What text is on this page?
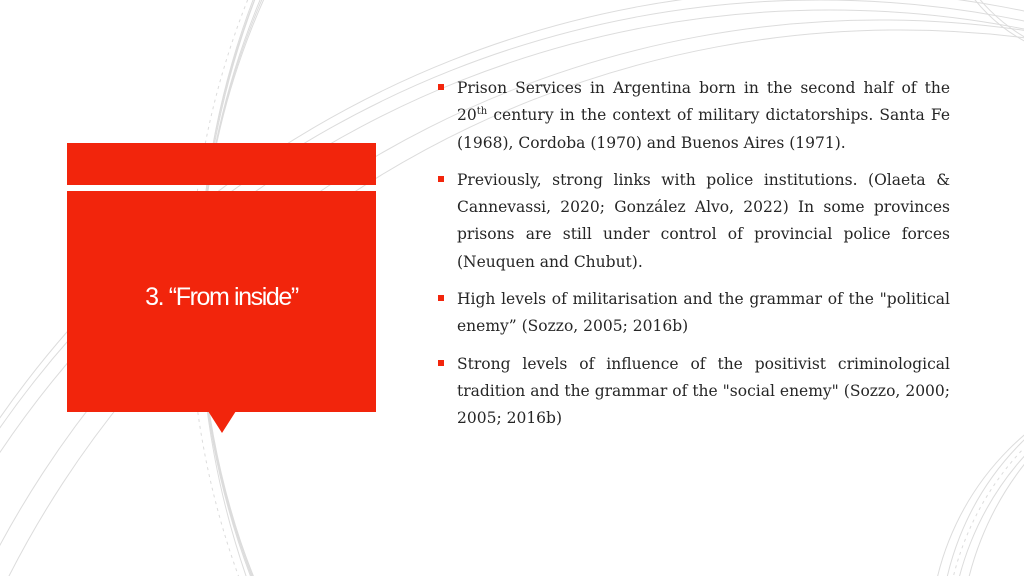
3. “From inside”
Prison Services in Argentina born in the second half of the 20th century in the context of military dictatorships. Santa Fe (1968), Cordoba (1970) and Buenos Aires (1971).
Previously, strong links with police institutions. (Olaeta & Cannevassi, 2020; González Alvo, 2022) In some provinces prisons are still under control of provincial police forces (Neuquen and Chubut).
High levels of militarisation and the grammar of the "political enemy” (Sozzo, 2005; 2016b)
Strong levels of influence of the positivist criminological tradition and the grammar of the "social enemy" (Sozzo, 2000; 2005; 2016b)
